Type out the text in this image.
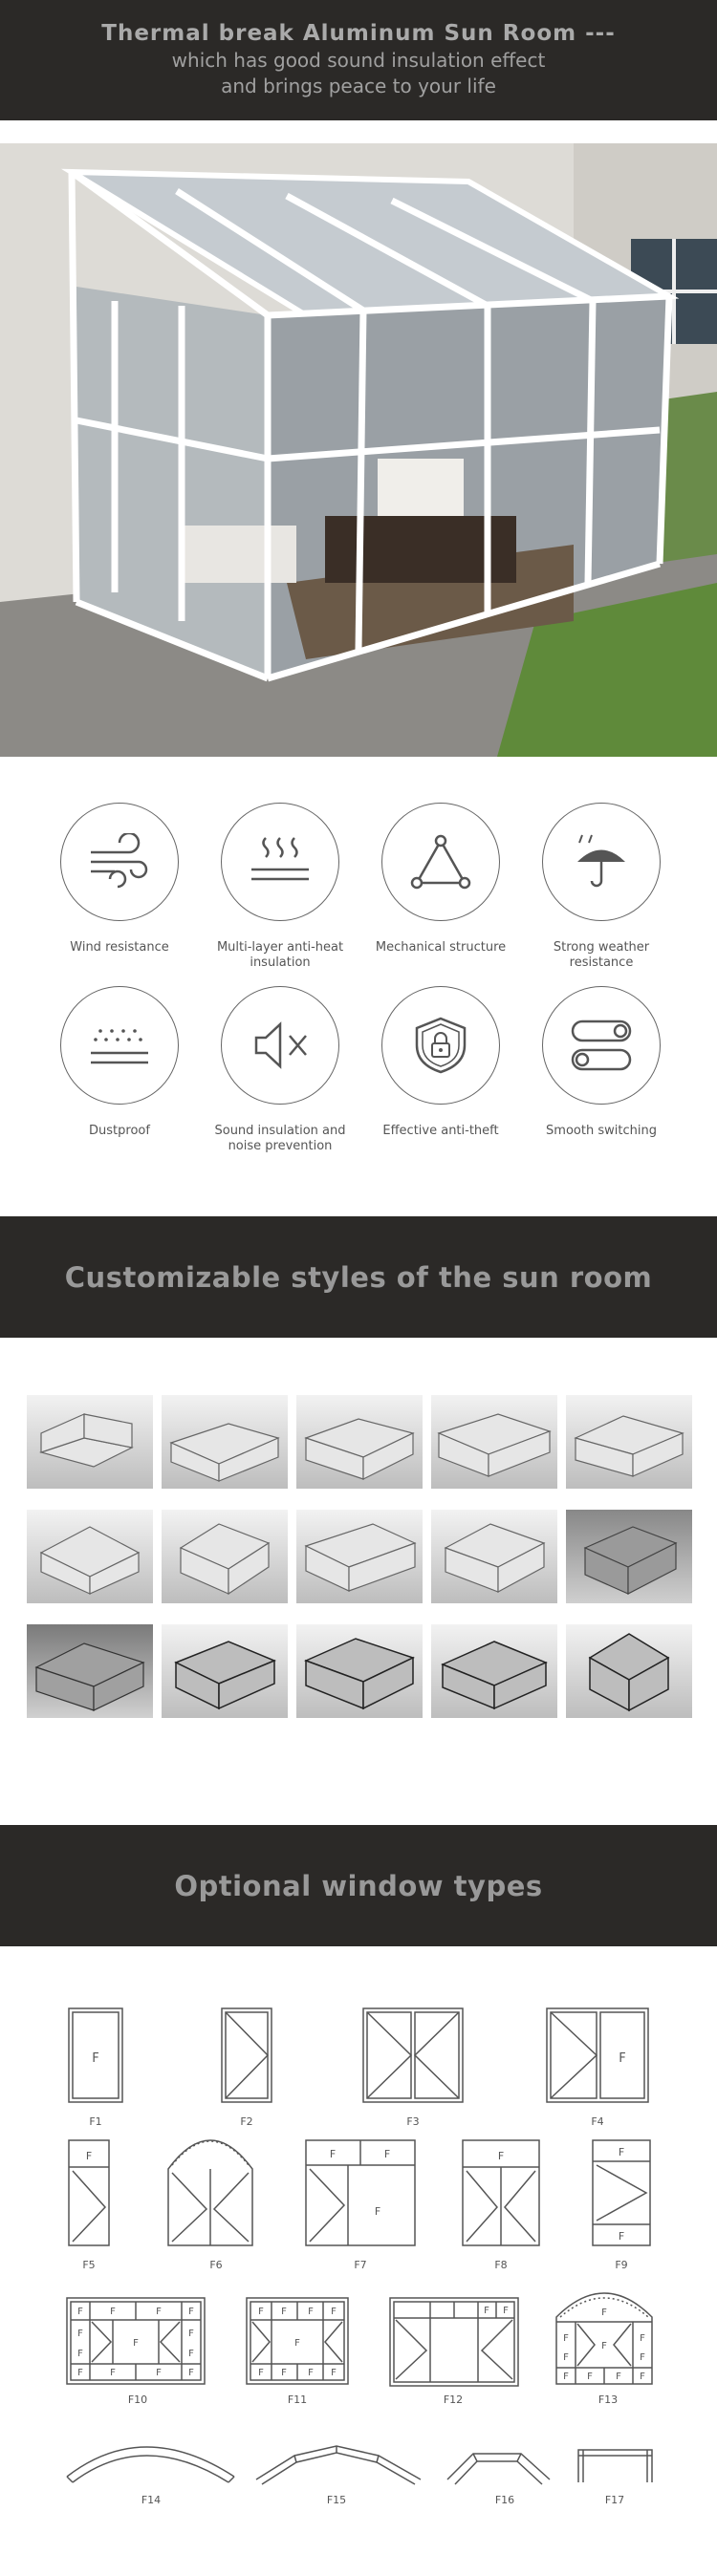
Thermal break Aluminum Sun Room ---
which has good sound insulation effect
and brings peace to your life
Wind resistance	Multi-layer anti-heat insulation
Mechanical structure	Strong weather resistance
Dustproof	Sound insulation and noise prevention
Effective anti-theft	Smooth switching
Customizable styles of the sun room
Optional window types
F	F
F	F	F
F
F	F
F
F	F	F	F
F
F
F
F
F
F	F	F	F
F F F F
F
F F F F
F F	F
F
F
F
F
F
F F F F
F1	F2	F3	F4
F5	F6	F7	F8	F9
F10	F11	F12	F13
F14	F15	F16	F17
